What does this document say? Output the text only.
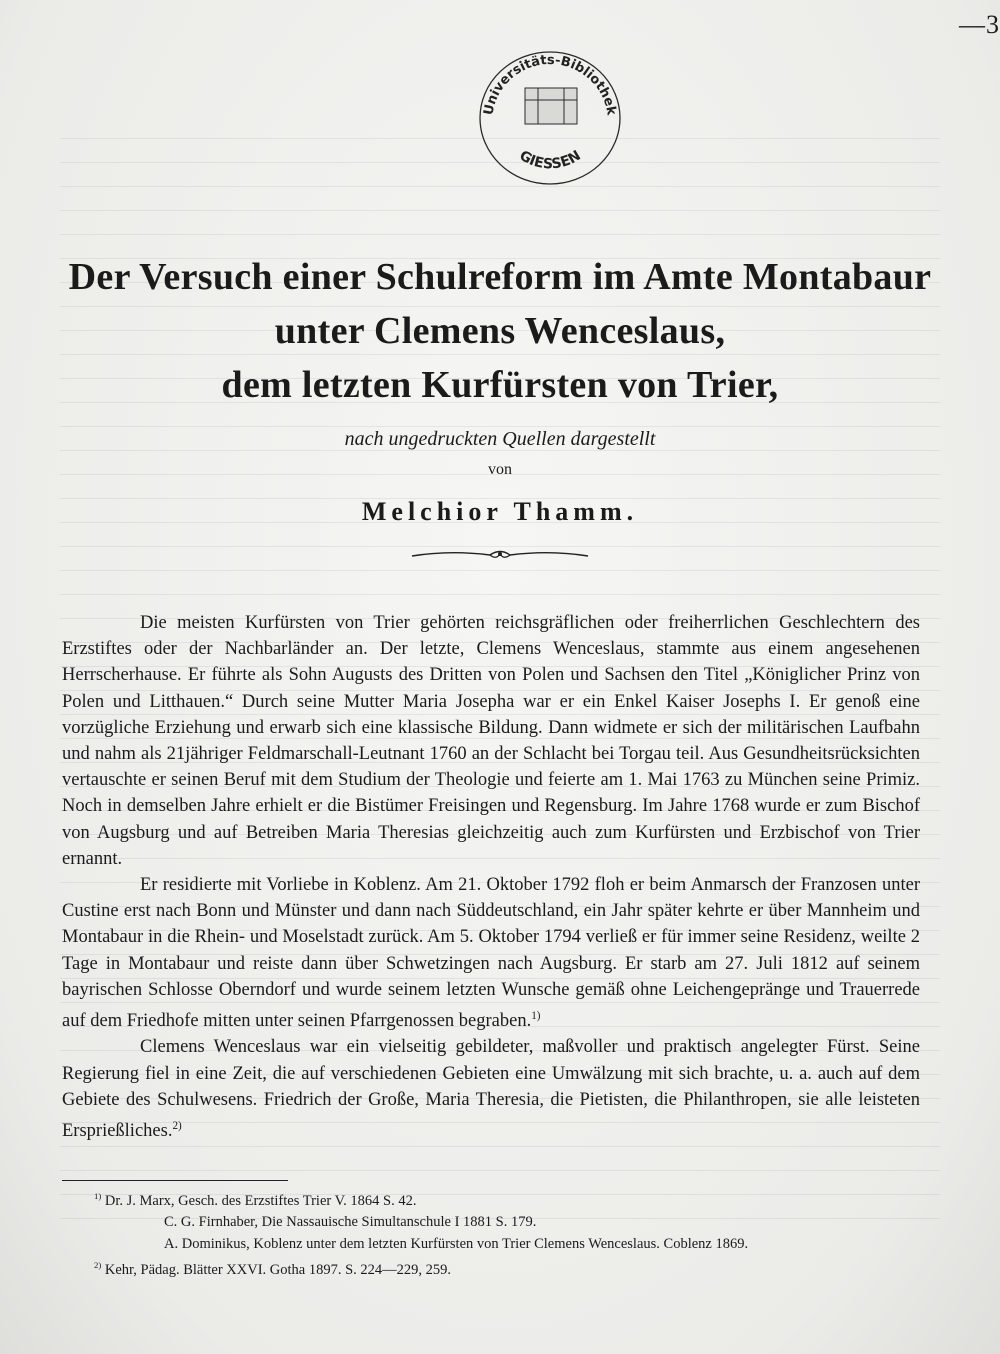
—3
Universitäts-Bibliothek
GIESSEN

Der Versuch einer Schulreform im Amte Montabaur

unter Clemens Wenceslaus,

dem letzten Kurfürsten von Trier,

nach ungedruckten Quellen dargestellt
von
Melchior Thamm.

Die meisten Kurfürsten von Trier gehörten reichsgräflichen oder freiherrlichen Geschlechtern des Erzstiftes oder der Nachbarländer an. Der letzte, Clemens Wenceslaus, stammte aus einem angesehenen Herrscherhause. Er führte als Sohn Augusts des Dritten von Polen und Sachsen den Titel „Königlicher Prinz von Polen und Litthauen.“ Durch seine Mutter Maria Josepha war er ein Enkel Kaiser Josephs I. Er genoß eine vorzügliche Erziehung und erwarb sich eine klassische Bildung. Dann widmete er sich der militärischen Laufbahn und nahm als 21jähriger Feldmarschall-Leutnant 1760 an der Schlacht bei Torgau teil. Aus Gesundheitsrücksichten vertauschte er seinen Beruf mit dem Studium der Theologie und feierte am 1. Mai 1763 zu München seine Primiz. Noch in demselben Jahre erhielt er die Bistümer Freisingen und Regensburg. Im Jahre 1768 wurde er zum Bischof von Augsburg und auf Betreiben Maria Theresias gleichzeitig auch zum Kurfürsten und Erzbischof von Trier ernannt.

Er residierte mit Vorliebe in Koblenz. Am 21. Oktober 1792 floh er beim Anmarsch der Franzosen unter Custine erst nach Bonn und Münster und dann nach Süddeutschland, ein Jahr später kehrte er über Mannheim und Montabaur in die Rhein- und Moselstadt zurück. Am 5. Oktober 1794 verließ er für immer seine Residenz, weilte 2 Tage in Montabaur und reiste dann über Schwetzingen nach Augsburg. Er starb am 27. Juli 1812 auf seinem bayrischen Schlosse Oberndorf und wurde seinem letzten Wunsche gemäß ohne Leichengepränge und Trauerrede auf dem Friedhofe mitten unter seinen Pfarrgenossen begraben.$^{1)}$

Clemens Wenceslaus war ein vielseitig gebildeter, maßvoller und praktisch angelegter Fürst. Seine Regierung fiel in eine Zeit, die auf verschiedenen Gebieten eine Umwälzung mit sich brachte, u. a. auch auf dem Gebiete des Schulwesens. Friedrich der Große, Maria Theresia, die Pietisten, die Philanthropen, sie alle leisteten Ersprießliches.$^{2)}$

$^{1)}$ Dr. J. Marx, Gesch. des Erzstiftes Trier V. 1864 S. 42.

C. G. Firnhaber, Die Nassauische Simultanschule I 1881 S. 179.

A. Dominikus, Koblenz unter dem letzten Kurfürsten von Trier Clemens Wenceslaus. Coblenz 1869.

$^{2)}$ Kehr, Pädag. Blätter XXVI. Gotha 1897. S. 224—229, 259.
